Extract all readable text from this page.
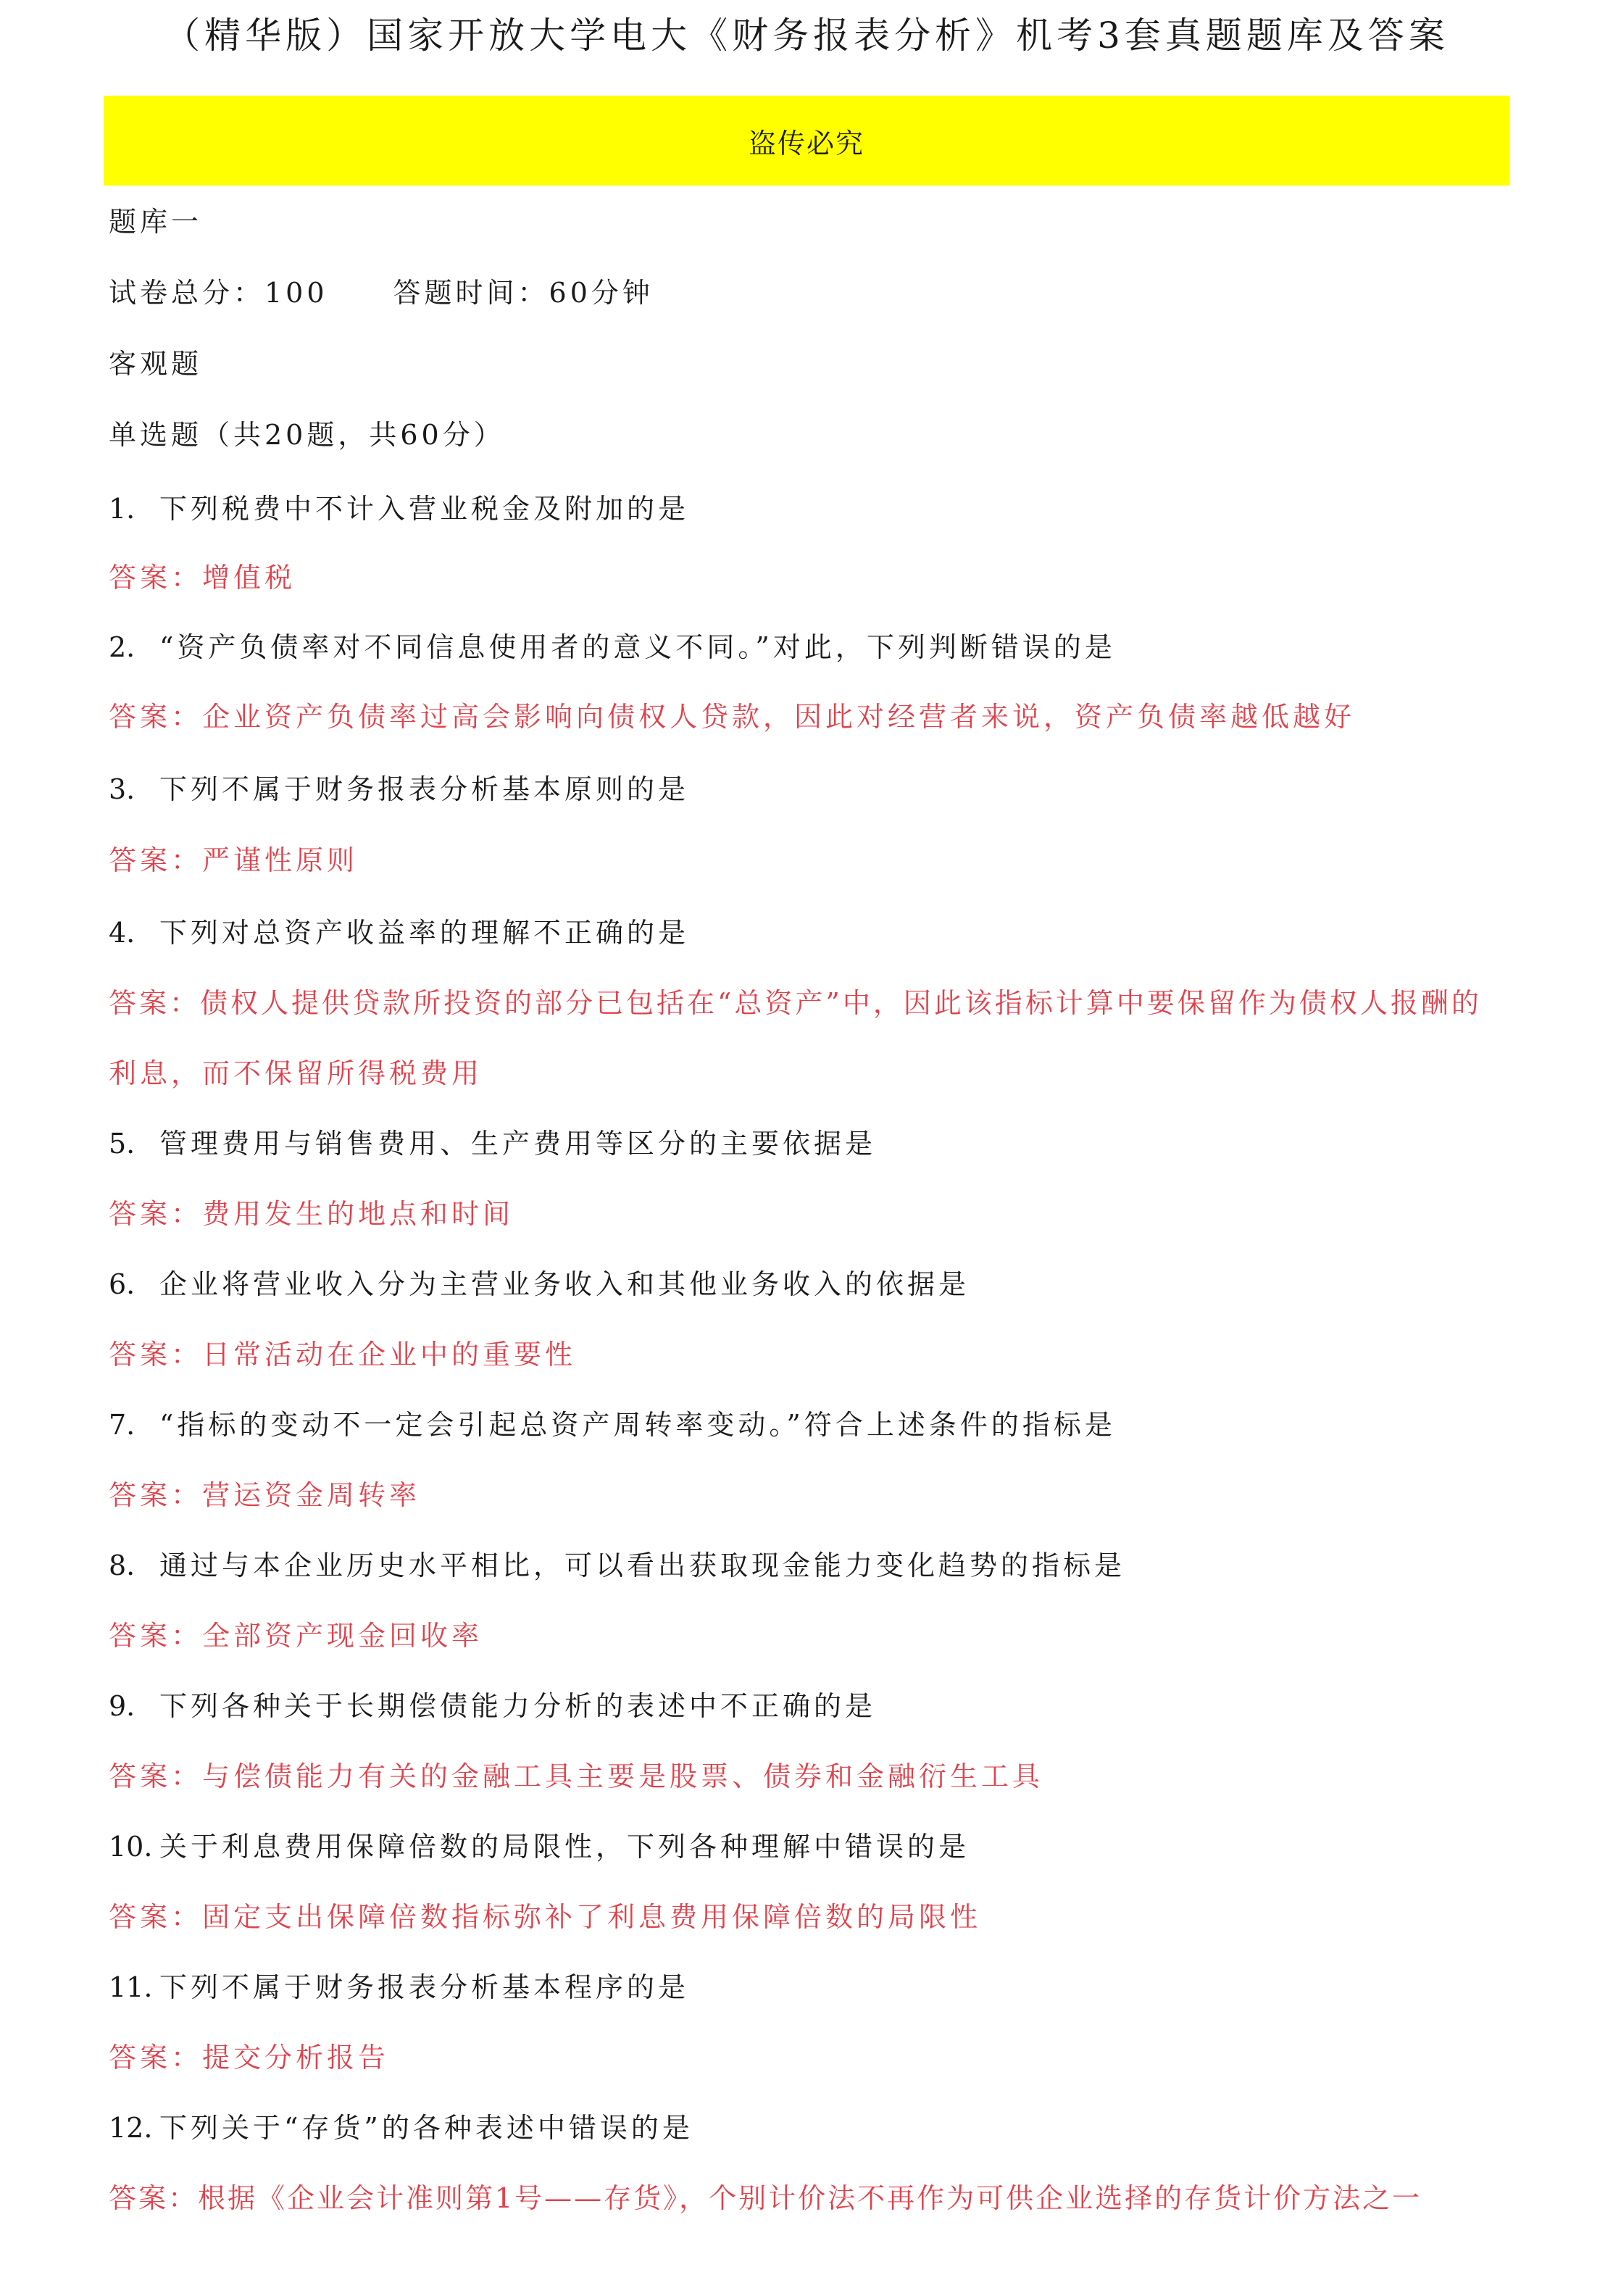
（精华版）国家开放大学电大《财务报表分析》机考3套真题题库及答案
盗传必究
题库一
试卷总分：100 答题时间：60分钟
客观题
单选题（共20题，共60分）
1. 下列税费中不计入营业税金及附加的是
答案：增值税
2. “资产负债率对不同信息使用者的意义不同。”对此，下列判断错误的是
答案：企业资产负债率过高会影响向债权人贷款，因此对经营者来说，资产负债率越低越好
3. 下列不属于财务报表分析基本原则的是
答案：严谨性原则
4. 下列对总资产收益率的理解不正确的是
答案：债权人提供贷款所投资的部分已包括在“总资产”中，因此该指标计算中要保留作为债权人报酬的
利息，而不保留所得税费用
5. 管理费用与销售费用、生产费用等区分的主要依据是
答案：费用发生的地点和时间
6. 企业将营业收入分为主营业务收入和其他业务收入的依据是
答案：日常活动在企业中的重要性
7. “指标的变动不一定会引起总资产周转率变动。”符合上述条件的指标是
答案：营运资金周转率
8. 通过与本企业历史水平相比，可以看出获取现金能力变化趋势的指标是
答案：全部资产现金回收率
9. 下列各种关于长期偿债能力分析的表述中不正确的是
答案：与偿债能力有关的金融工具主要是股票、债券和金融衍生工具
10. 关于利息费用保障倍数的局限性，下列各种理解中错误的是
答案：固定支出保障倍数指标弥补了利息费用保障倍数的局限性
11. 下列不属于财务报表分析基本程序的是
答案：提交分析报告
12. 下列关于“存货”的各种表述中错误的是
答案：根据《企业会计准则第1号——存货》，个别计价法不再作为可供企业选择的存货计价方法之一
